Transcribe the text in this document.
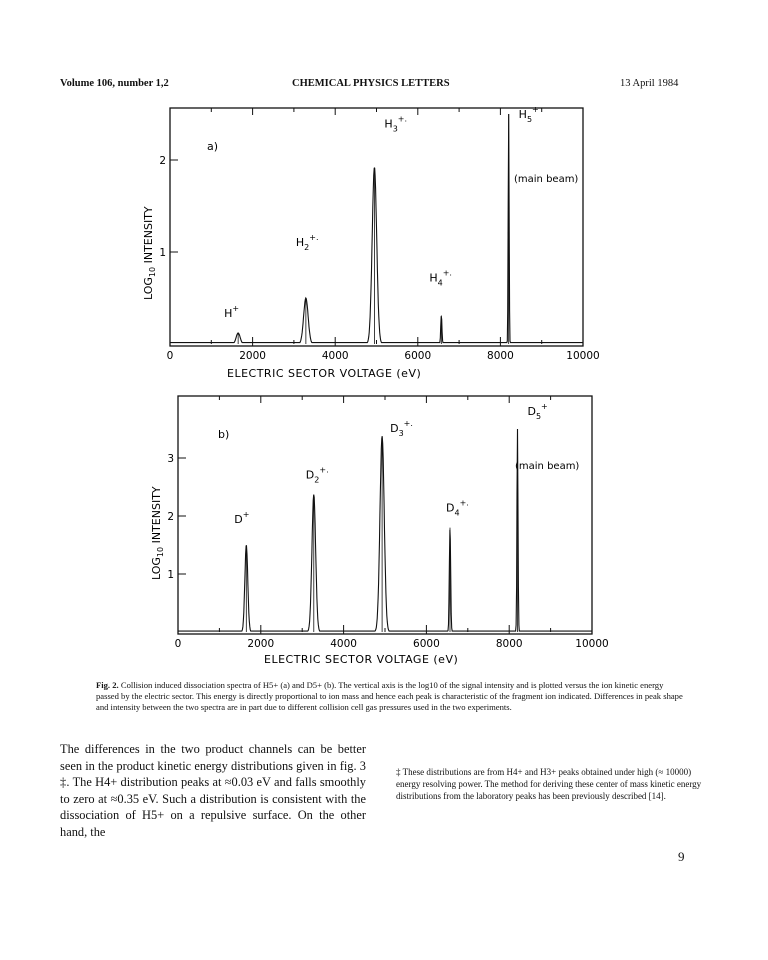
Volume 106, number 1,2	CHEMICAL PHYSICS LETTERS	13 April 1984
0	2000	4000	6000	8000	10000
1
2
a)
(main beam)
$LOG_{10}$ INTENSITY
ELECTRIC SECTOR VOLTAGE (eV)
H+
$H_2^{+.}$
$H_3^{+.}$
$H_4^{+.}$
$H_5^+$
0	2000	4000	6000	8000	10000
1
2
3
b)
(main beam)
$LOG_{10}$ INTENSITY
ELECTRIC SECTOR VOLTAGE (eV)
D+
$D_2^{+.}$
$D_3^{+.}$
$D_4^{+.}$
$D_5^+$
Fig. 2. Collision induced dissociation spectra of H5+ (a) and D5+ (b). The vertical axis is the log10 of the signal intensity and is plotted versus the ion kinetic energy passed by the electric sector. This energy is directly proportional to ion mass and hence each peak is characteristic of the fragment ion indicated. Differences in peak shape and intensity between the two spectra are in part due to different collision cell gas pressures used in the two experiments.
The differences in the two product channels can be better seen in the product kinetic energy distributions given in fig. 3 ‡. The H4+ distribution peaks at ≈0.03 eV and falls smoothly to zero at ≈0.35 eV. Such a distribution is consistent with the dissociation of H5+ on a repulsive surface. On the other hand, the
‡ These distributions are from H4+ and H3+ peaks obtained under high (≈ 10000) energy resolving power. The method for deriving these center of mass kinetic energy distributions from the laboratory peaks has been previously described [14].
9
